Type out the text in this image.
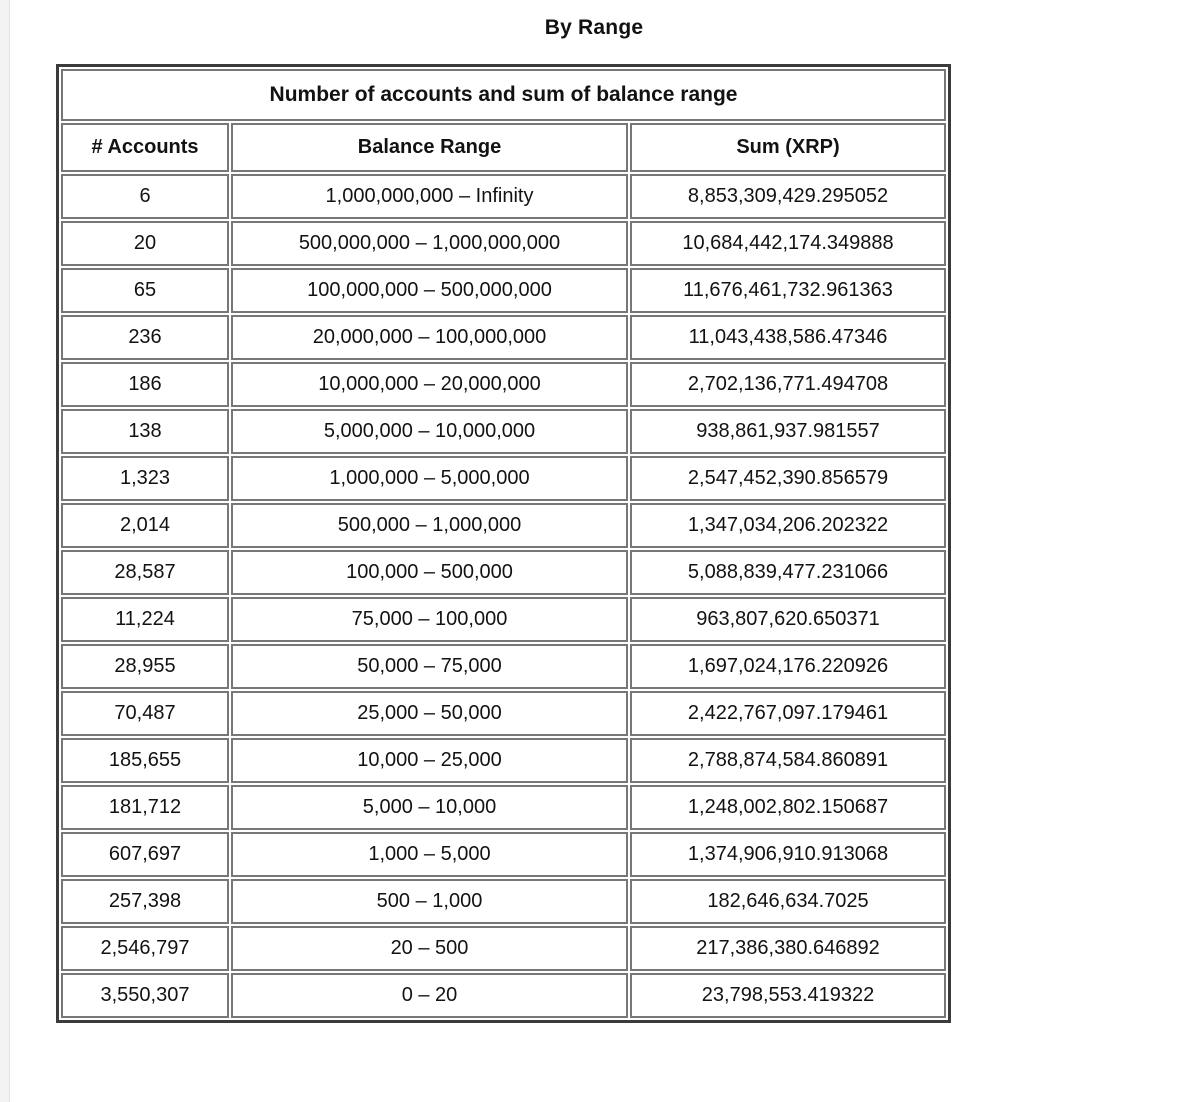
By Range
Number of accounts and sum of balance range		
# Accounts	Balance Range	Sum (XRP)
6	1,000,000,000 – Infinity	8,853,309,429.295052
20	500,000,000 – 1,000,000,000	10,684,442,174.349888
65	100,000,000 – 500,000,000	11,676,461,732.961363
236	20,000,000 – 100,000,000	11,043,438,586.47346
186	10,000,000 – 20,000,000	2,702,136,771.494708
138	5,000,000 – 10,000,000	938,861,937.981557
1,323	1,000,000 – 5,000,000	2,547,452,390.856579
2,014	500,000 – 1,000,000	1,347,034,206.202322
28,587	100,000 – 500,000	5,088,839,477.231066
11,224	75,000 – 100,000	963,807,620.650371
28,955	50,000 – 75,000	1,697,024,176.220926
70,487	25,000 – 50,000	2,422,767,097.179461
185,655	10,000 – 25,000	2,788,874,584.860891
181,712	5,000 – 10,000	1,248,002,802.150687
607,697	1,000 – 5,000	1,374,906,910.913068
257,398	500 – 1,000	182,646,634.7025
2,546,797	20 – 500	217,386,380.646892
3,550,307	0 – 20	23,798,553.419322
